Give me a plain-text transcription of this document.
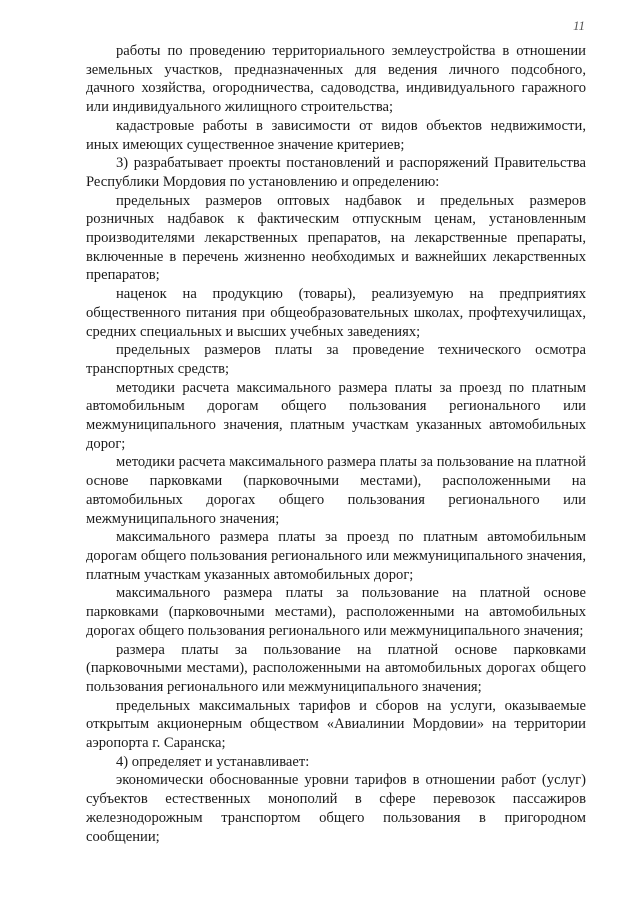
11

работы по проведению территориального землеустройства в отношении земельных участков, предназначенных для ведения личного подсобного, дачного хозяйства, огородничества, садоводства, индивидуального гаражного или индивидуального жилищного строительства;

кадастровые работы в зависимости от видов объектов недвижимости, иных имеющих существенное значение критериев;

3) разрабатывает проекты постановлений и распоряжений Правительства Республики Мордовия по установлению и определению:

предельных размеров оптовых надбавок и предельных размеров розничных надбавок к фактическим отпускным ценам, установленным производителями лекарственных препаратов, на лекарственные препараты, включенные в перечень жизненно необходимых и важнейших лекарственных препаратов;

наценок на продукцию (товары), реализуемую на предприятиях общественного питания при общеобразовательных школах, профтехучилищах, средних специальных и высших учебных заведениях;

предельных размеров платы за проведение технического осмотра транспортных средств;

методики расчета максимального размера платы за проезд по платным автомобильным дорогам общего пользования регионального или межмуниципального значения, платным участкам указанных автомобильных дорог;

методики расчета максимального размера платы за пользование на платной основе парковками (парковочными местами), расположенными на автомобильных дорогах общего пользования регионального или межмуниципального значения;

максимального размера платы за проезд по платным автомобильным дорогам общего пользования регионального или межмуниципального значения, платным участкам указанных автомобильных дорог;

максимального размера платы за пользование на платной основе парковками (парковочными местами), расположенными на автомобильных дорогах общего пользования регионального или межмуниципального значения;

размера платы за пользование на платной основе парковками (парковочными местами), расположенными на автомобильных дорогах общего пользования регионального или межмуниципального значения;

предельных максимальных тарифов и сборов на услуги, оказываемые открытым акционерным обществом «Авиалинии Мордовии» на территории аэропорта г. Саранска;

4) определяет и устанавливает:

экономически обоснованные уровни тарифов в отношении работ (услуг) субъектов естественных монополий в сфере перевозок пассажиров железнодорожным транспортом общего пользования в пригородном сообщении;
